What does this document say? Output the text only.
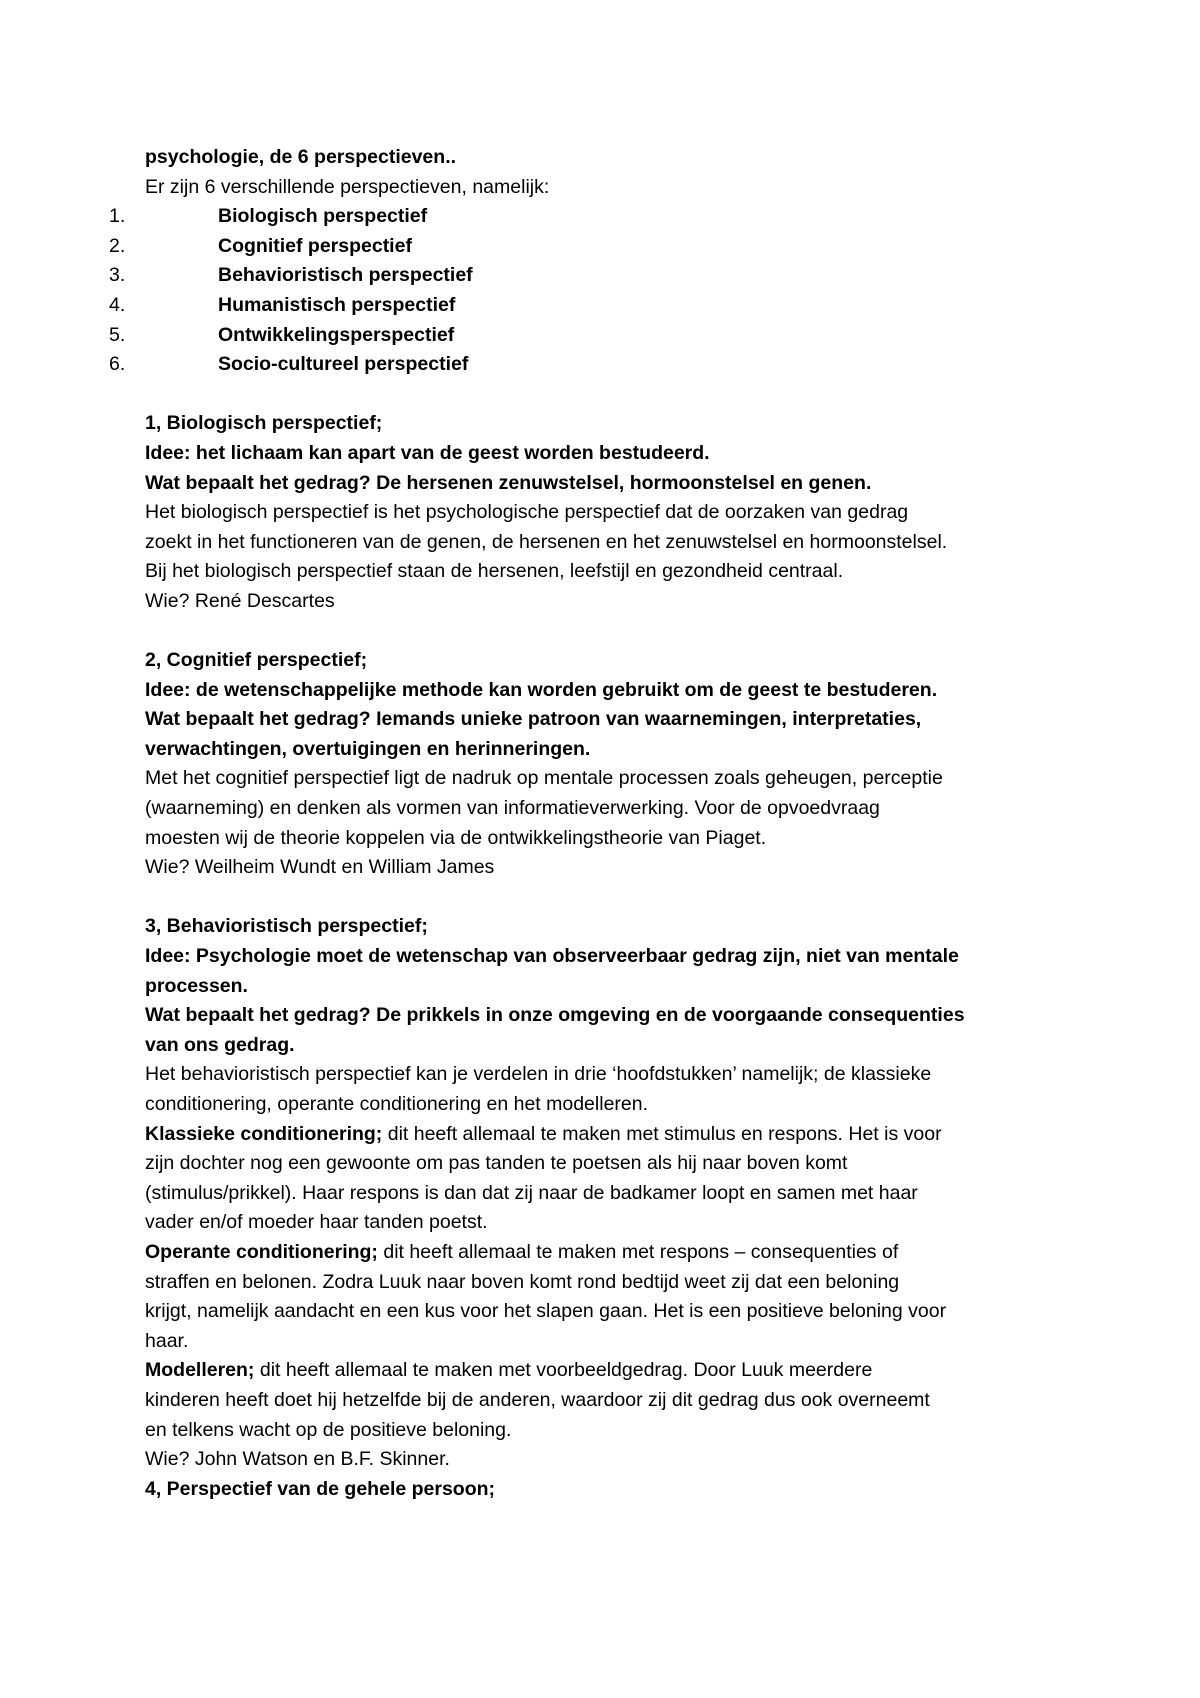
psychologie, de 6 perspectieven..
Er zijn 6 verschillende perspectieven, namelijk:
1.	Biologisch perspectief
2.	Cognitief perspectief
3.	Behavioristisch perspectief
4.	Humanistisch perspectief
5.	Ontwikkelingsperspectief
6.	Socio-cultureel perspectief
1, Biologisch perspectief;
Idee: het lichaam kan apart van de geest worden bestudeerd.
Wat bepaalt het gedrag? De hersenen zenuwstelsel, hormoonstelsel en genen.
Het biologisch perspectief is het psychologische perspectief dat de oorzaken van gedrag
zoekt in het functioneren van de genen, de hersenen en het zenuwstelsel en hormoonstelsel.
Bij het biologisch perspectief staan de hersenen, leefstijl en gezondheid centraal.
Wie? René Descartes
2, Cognitief perspectief;
Idee: de wetenschappelijke methode kan worden gebruikt om de geest te bestuderen.
Wat bepaalt het gedrag? Iemands unieke patroon van waarnemingen, interpretaties,
verwachtingen, overtuigingen en herinneringen.
Met het cognitief perspectief ligt de nadruk op mentale processen zoals geheugen, perceptie
(waarneming) en denken als vormen van informatieverwerking. Voor de opvoedvraag
moesten wij de theorie koppelen via de ontwikkelingstheorie van Piaget.
Wie? Weilheim Wundt en William James
3, Behavioristisch perspectief;
Idee: Psychologie moet de wetenschap van observeerbaar gedrag zijn, niet van mentale
processen.
Wat bepaalt het gedrag? De prikkels in onze omgeving en de voorgaande consequenties
van ons gedrag.
Het behavioristisch perspectief kan je verdelen in drie ‘hoofdstukken’ namelijk; de klassieke
conditionering, operante conditionering en het modelleren.
Klassieke conditionering; dit heeft allemaal te maken met stimulus en respons. Het is voor
zijn dochter nog een gewoonte om pas tanden te poetsen als hij naar boven komt
(stimulus/prikkel). Haar respons is dan dat zij naar de badkamer loopt en samen met haar
vader en/of moeder haar tanden poetst.
Operante conditionering; dit heeft allemaal te maken met respons – consequenties of
straffen en belonen. Zodra Luuk naar boven komt rond bedtijd weet zij dat een beloning
krijgt, namelijk aandacht en een kus voor het slapen gaan. Het is een positieve beloning voor
haar.
Modelleren; dit heeft allemaal te maken met voorbeeldgedrag. Door Luuk meerdere
kinderen heeft doet hij hetzelfde bij de anderen, waardoor zij dit gedrag dus ook overneemt
en telkens wacht op de positieve beloning.
Wie? John Watson en B.F. Skinner.
4, Perspectief van de gehele persoon;
